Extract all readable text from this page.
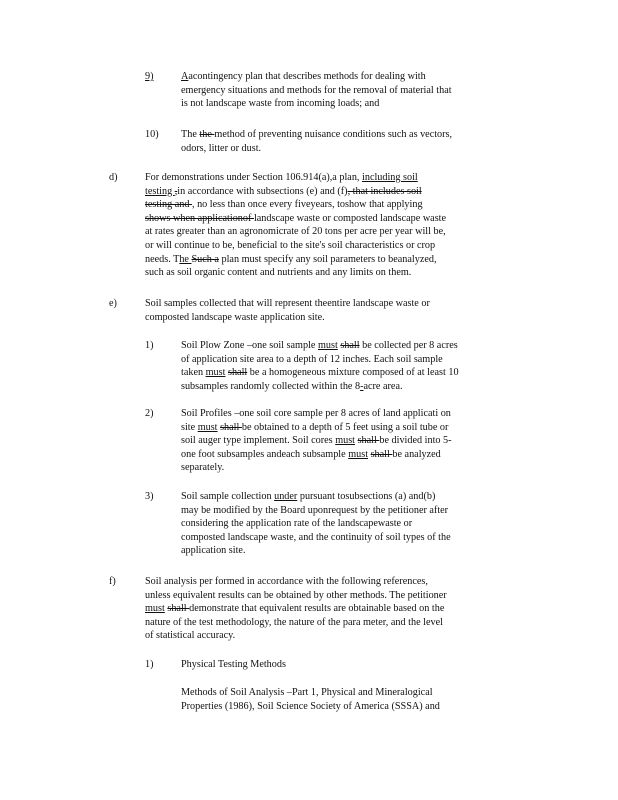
9)	Aacontingency plan that describes methods for dealing with
emergency situations and methods for the removal of material that
is not landscape waste from incoming loads; and
10) The the method of preventing nuisance conditions such as vectors,
odors, litter or dust.
d)	For demonstrations under Section 106.914(a),a plan, including soil
testing ,in accordance with subsections (e) and (f), that includes soil
testing and , no less than once every fiveyears, toshow that applying
shows when applicationof landscape waste or composted landscape waste
at rates greater than an agronomicrate of 20 tons per acre per year will be,
or will continue to be, beneficial to the site's soil characteristics or crop
needs. The Such a plan must specify any soil parameters to beanalyzed,
such as soil organic content and nutrients and any limits on them.
e)	Soil samples collected that will represent theentire landscape waste or
composted landscape waste application site.
1)	Soil Plow Zone –one soil sample must shall be collected per 8 acres
of application site area to a depth of 12 inches. Each soil sample
taken must shall be a homogeneous mixture composed of at least 10
subsamples randomly collected within the 8-acre area.
2)	Soil Profiles –one soil core sample per 8 acres of land applicati on
site must shall be obtained to a depth of 5 feet using a soil tube or
soil auger type implement. Soil cores must shall be divided into 5-
one foot subsamples andeach subsample must shall be analyzed
separately.
3)	Soil sample collection under pursuant tosubsections (a) and(b)
may be modified by the Board uponrequest by the petitioner after
considering the application rate of the landscapewaste or
composted landscape waste, and the continuity of soil types of the
application site.
f)	Soil analysis per formed in accordance with the following references,
unless equivalent results can be obtained by other methods. The petitioner
must shall demonstrate that equivalent results are obtainable based on the
nature of the test methodology, the nature of the para meter, and the level
of statistical accuracy.
1)	Physical Testing Methods
Methods of Soil Analysis –Part 1, Physical and Mineralogical
Properties (1986), Soil Science Society of America (SSSA) and
